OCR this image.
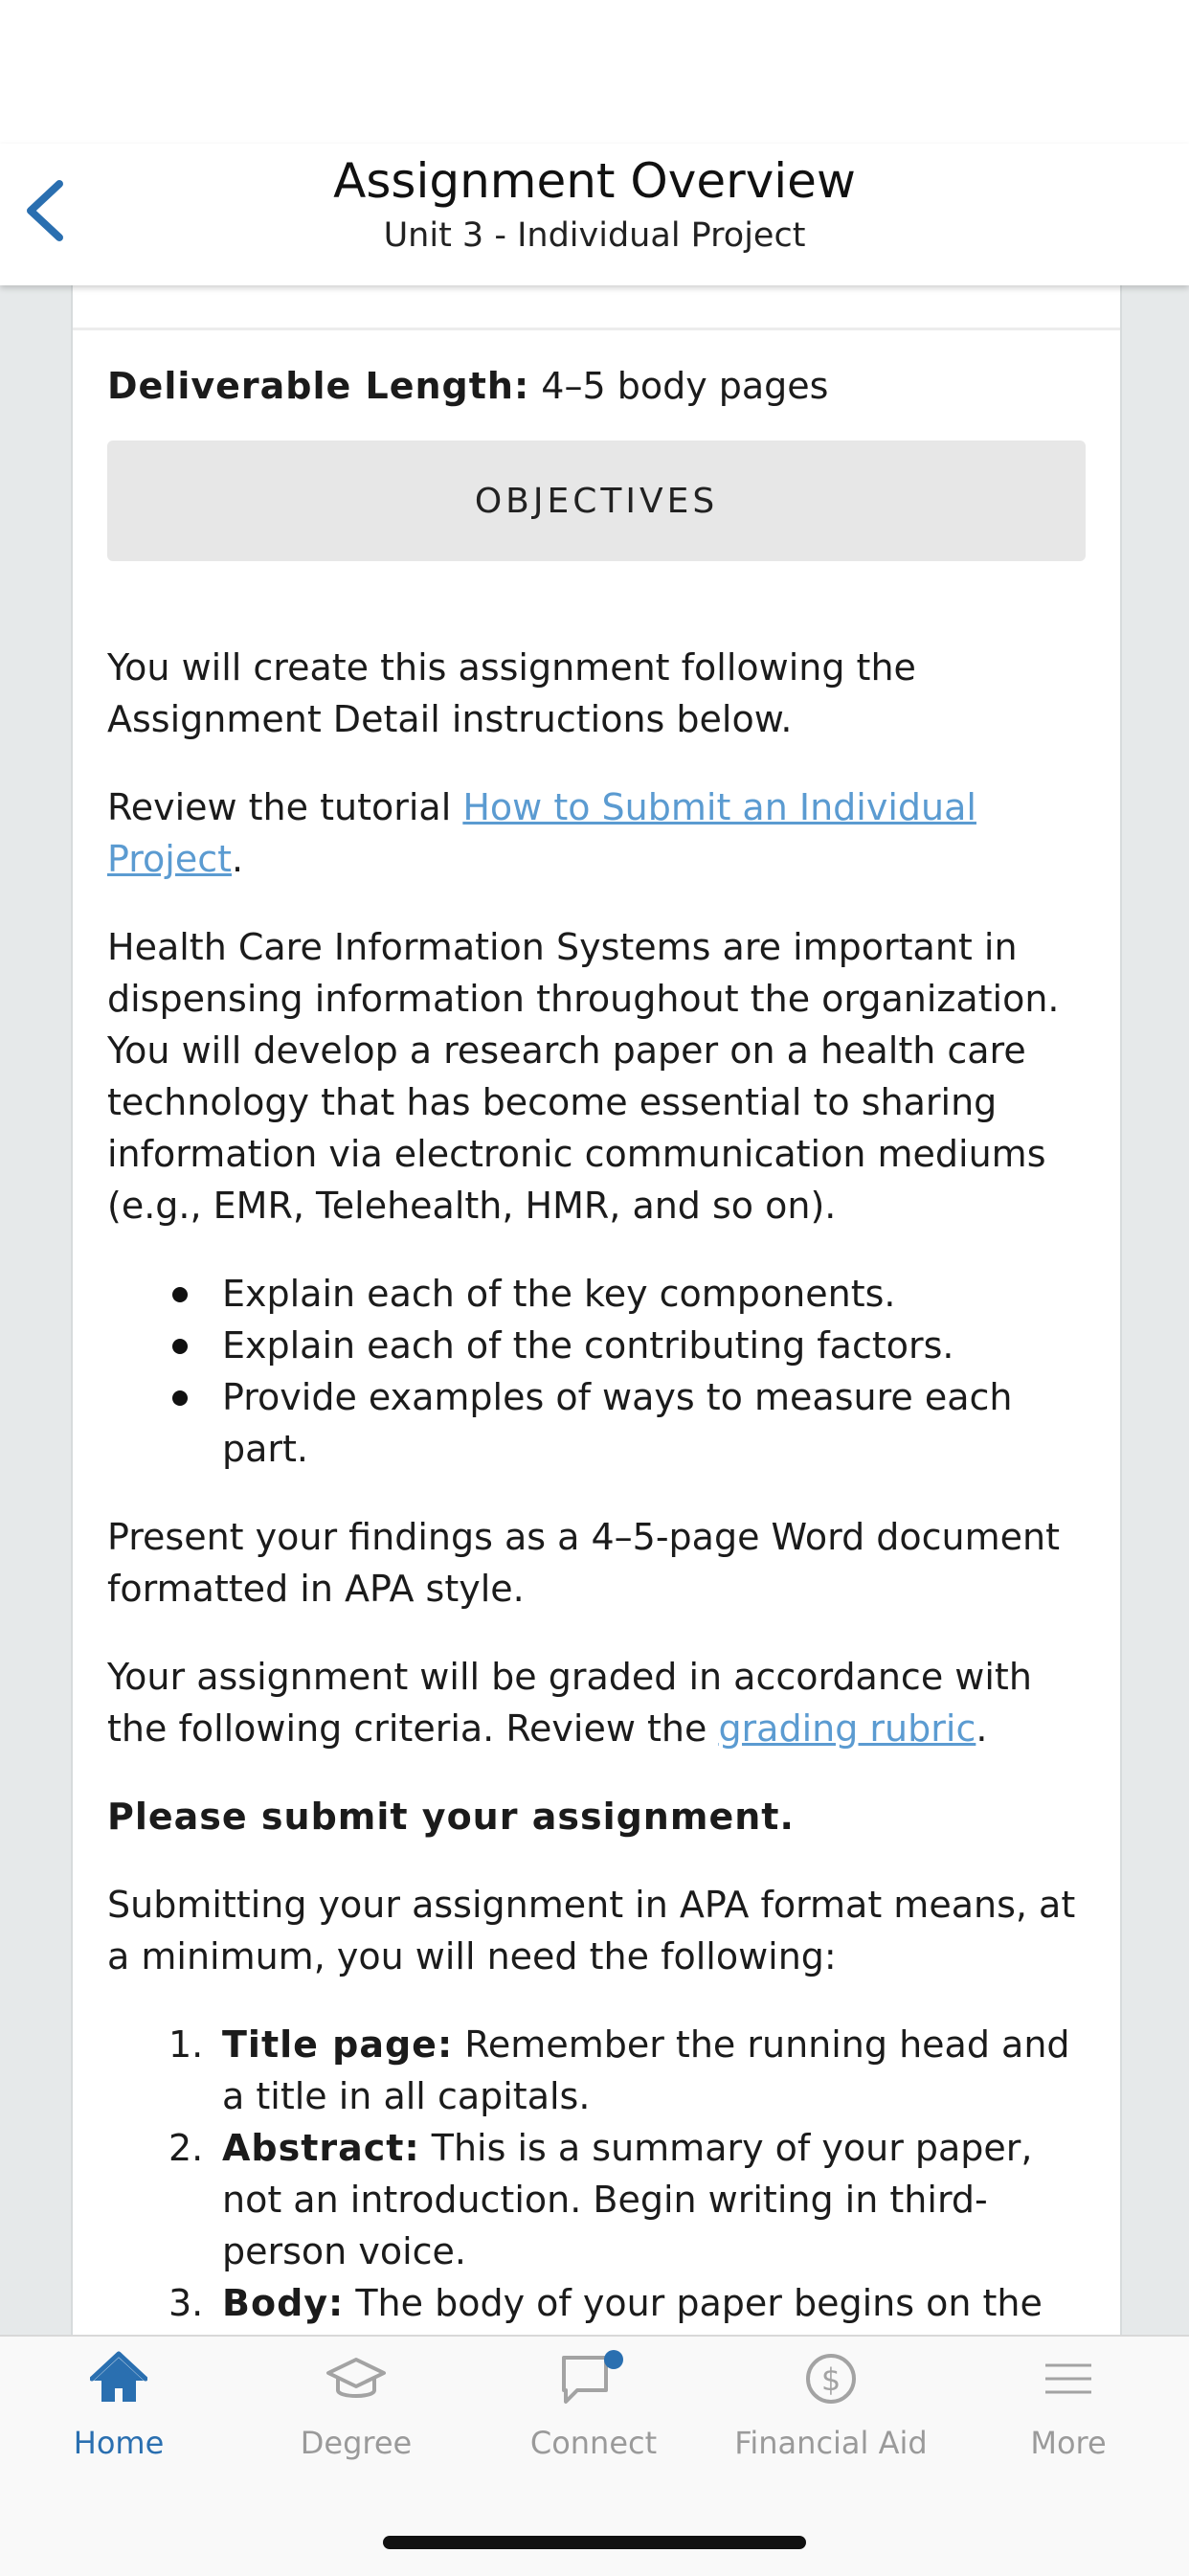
Assignment Overview
Unit 3 - Individual Project

Deliverable Length: 4–5 body pages

OBJECTIVES

You will create this assignment following the Assignment Detail instructions below.

Review the tutorial How to Submit an Individual Project.

Health Care Information Systems are important in dispensing information throughout the organization. You will develop a research paper on a health care technology that has become essential to sharing information via electronic communication mediums (e.g., EMR, Telehealth, HMR, and so on).

Explain each of the key components.
Explain each of the contributing factors.
Provide examples of ways to measure each part.

Present your findings as a 4–5-page Word document formatted in APA style.

Your assignment will be graded in accordance with the following criteria. Review the grading rubric.

Please submit your assignment.

Submitting your assignment in APA format means, at a minimum, you will need the following:

1. Title page: Remember the running head and a title in all capitals.
2. Abstract: This is a summary of your paper, not an introduction. Begin writing in third-person voice.
3. Body: The body of your paper begins on the
Home	Degree	Connect
$
Financial Aid	More
